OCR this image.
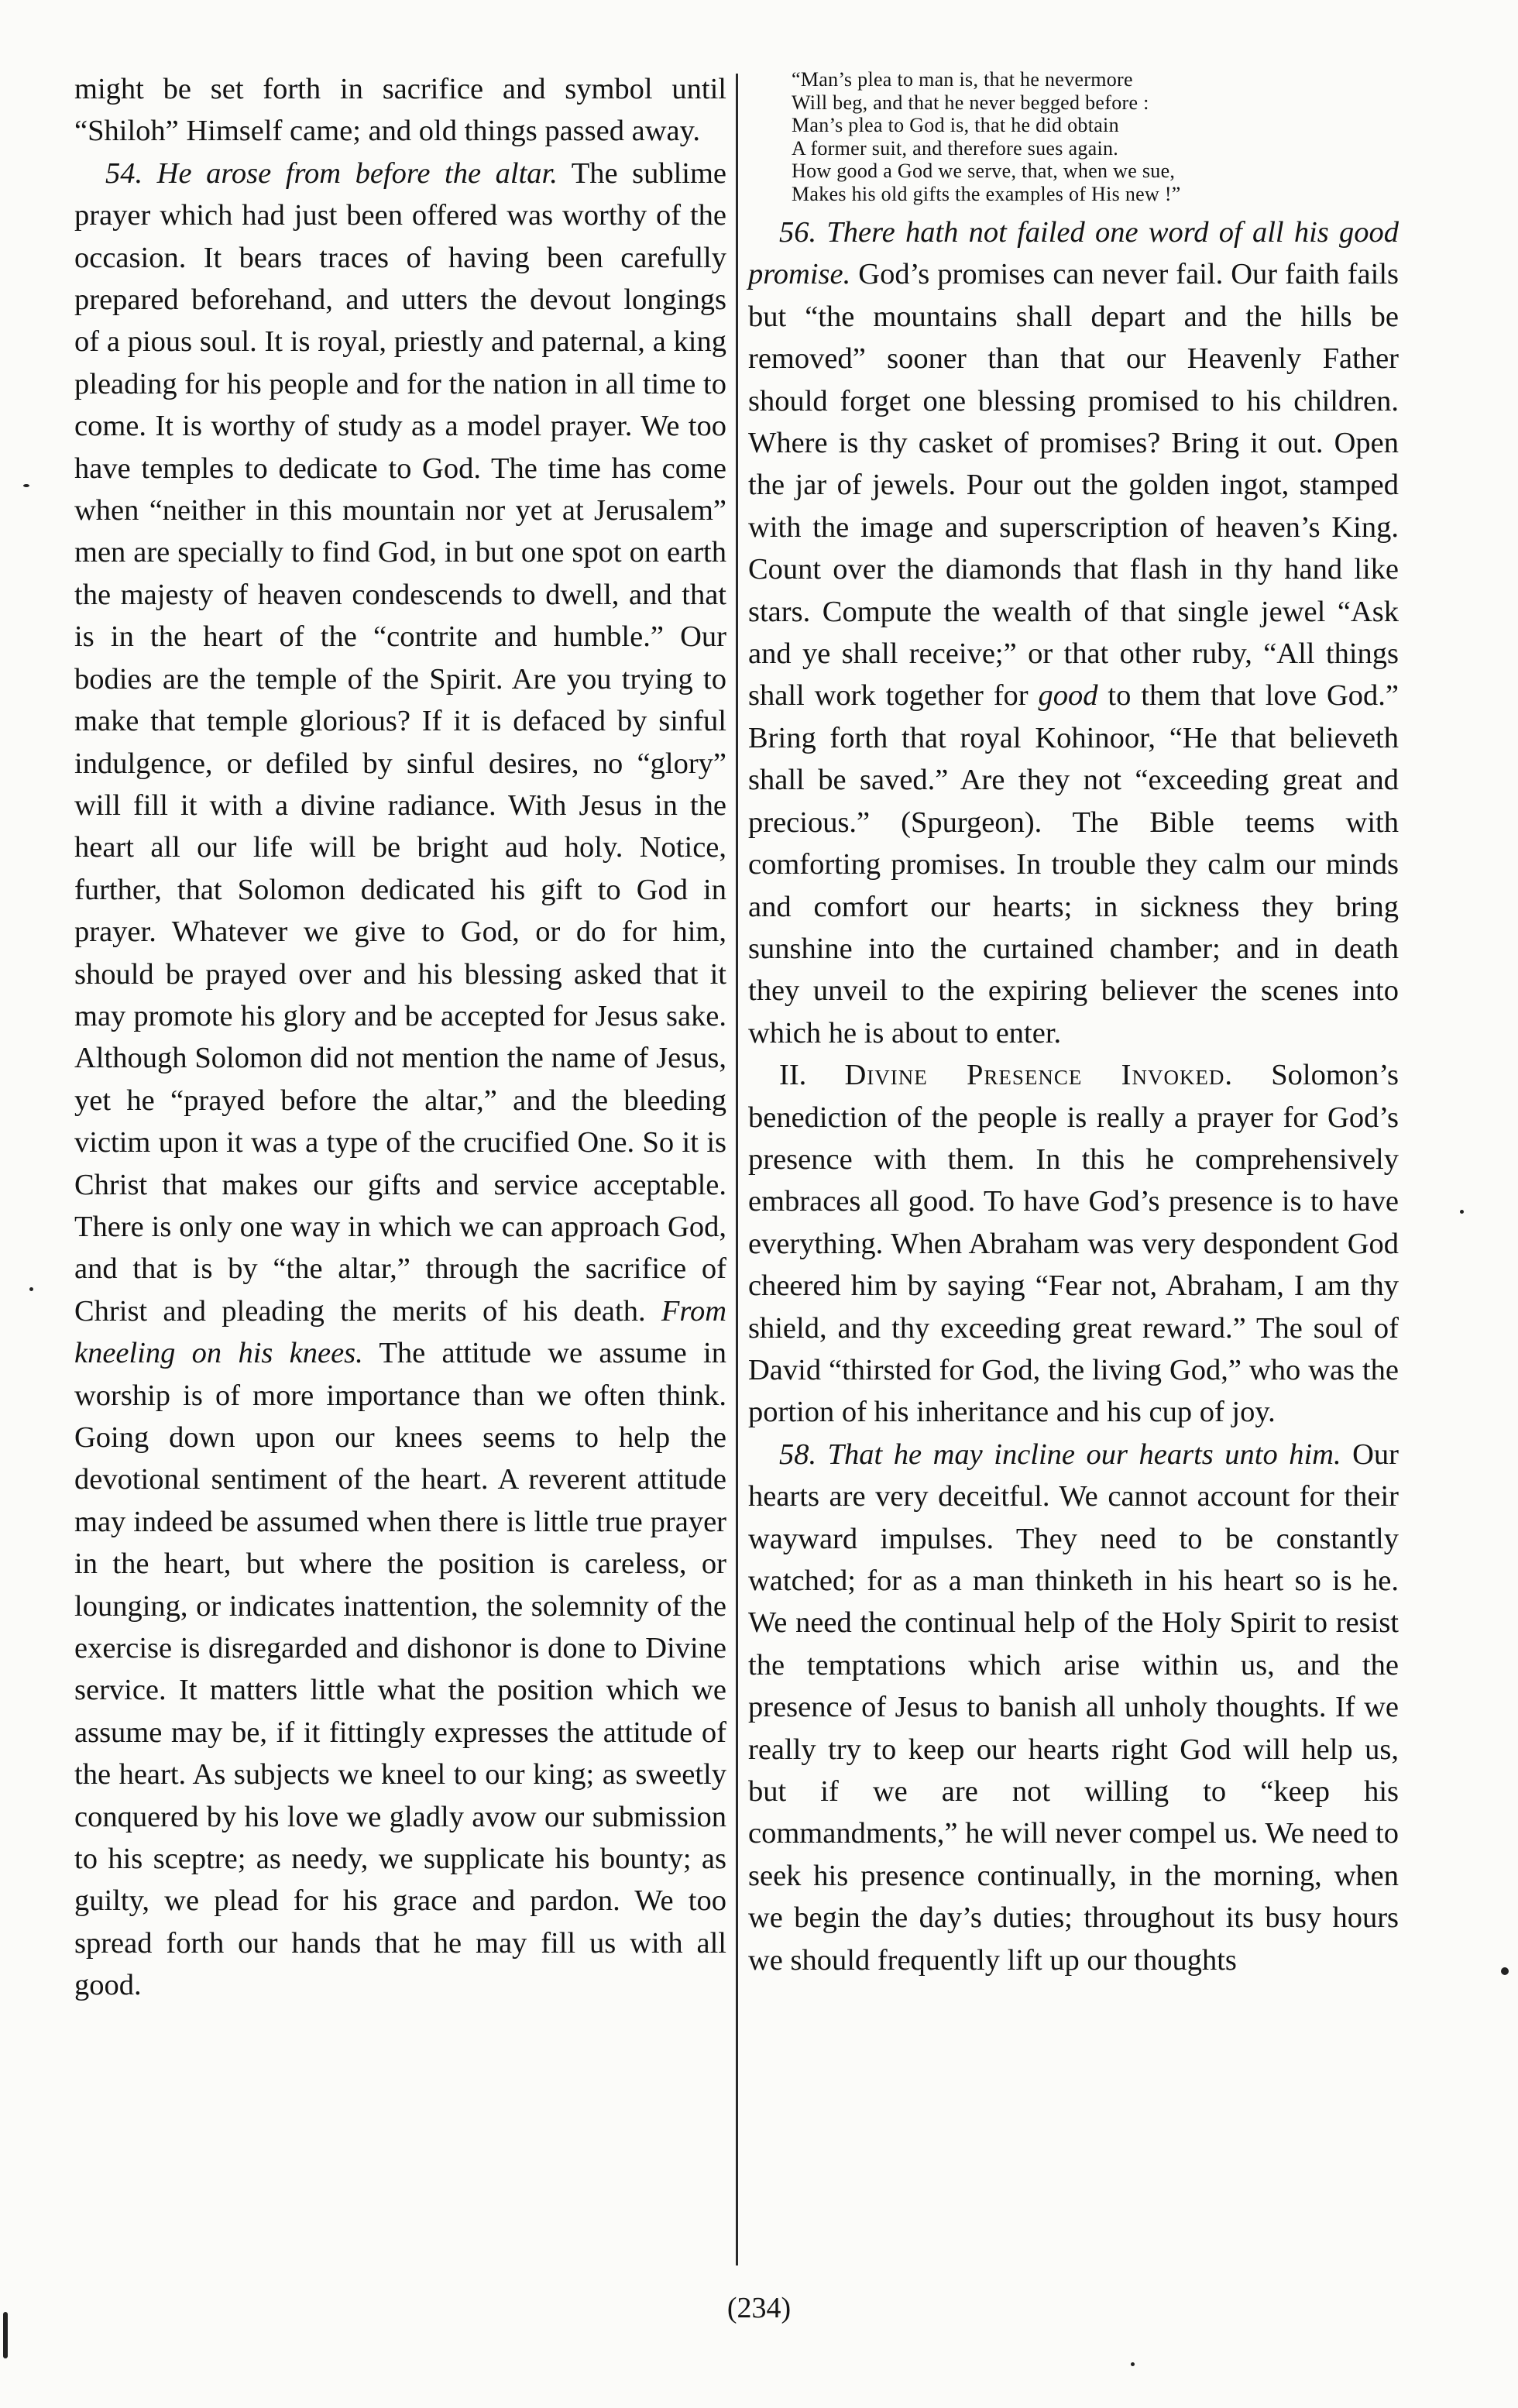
might be set forth in sacrifice and symbol until “Shiloh” Himself came; and old things passed away.

54. He arose from before the altar. The sublime prayer which had just been offered was worthy of the occasion. It bears traces of having been carefully prepared beforehand, and utters the devout longings of a pious soul. It is royal, priestly and paternal, a king pleading for his people and for the nation in all time to come. It is worthy of study as a model prayer. We too have temples to dedicate to God. The time has come when “neither in this mountain nor yet at Jerusalem” men are specially to find God, in but one spot on earth the majesty of heaven condescends to dwell, and that is in the heart of the “contrite and humble.” Our bodies are the temple of the Spirit. Are you trying to make that temple glorious? If it is defaced by sinful indulgence, or defiled by sinful desires, no “glory” will fill it with a divine radiance. With Jesus in the heart all our life will be bright aud holy. Notice, further, that Solomon dedicated his gift to God in prayer. Whatever we give to God, or do for him, should be prayed over and his blessing asked that it may promote his glory and be accepted for Jesus sake. Although Solomon did not mention the name of Jesus, yet he “prayed before the altar,” and the bleeding victim upon it was a type of the crucified One. So it is Christ that makes our gifts and service acceptable. There is only one way in which we can approach God, and that is by “the altar,” through the sacrifice of Christ and pleading the merits of his death. From kneeling on his knees. The attitude we assume in worship is of more importance than we often think. Going down upon our knees seems to help the devotional sentiment of the heart. A reverent attitude may indeed be assumed when there is little true prayer in the heart, but where the position is careless, or lounging, or indicates inattention, the solemnity of the exercise is disregarded and dishonor is done to Divine service. It matters little what the position which we assume may be, if it fittingly expresses the attitude of the heart. As subjects we kneel to our king; as sweetly conquered by his love we gladly avow our submission to his sceptre; as needy, we supplicate his bounty; as guilty, we plead for his grace and pardon. We too spread forth our hands that he may fill us with all good.

“Man’s plea to man is, that he nevermore
Will beg, and that he never begged before :
Man’s plea to God is, that he did obtain
A former suit, and therefore sues again.
How good a God we serve, that, when we sue,
Makes his old gifts the examples of His new !”

56. There hath not failed one word of all his good promise. God’s promises can never fail. Our faith fails but “the mountains shall depart and the hills be removed” sooner than that our Heavenly Father should forget one blessing promised to his children. Where is thy casket of promises? Bring it out. Open the jar of jewels. Pour out the golden ingot, stamped with the image and superscription of heaven’s King. Count over the diamonds that flash in thy hand like stars. Compute the wealth of that single jewel “Ask and ye shall receive;” or that other ruby, “All things shall work together for good to them that love God.” Bring forth that royal Kohinoor, “He that believeth shall be saved.” Are they not “exceeding great and precious.” (Spurgeon). The Bible teems with comforting promises. In trouble they calm our minds and comfort our hearts; in sickness they bring sunshine into the curtained chamber; and in death they unveil to the expiring believer the scenes into which he is about to enter.

II. Divine Presence Invoked. Solomon’s benediction of the people is really a prayer for God’s presence with them. In this he comprehensively embraces all good. To have God’s presence is to have everything. When Abraham was very despondent God cheered him by saying “Fear not, Abraham, I am thy shield, and thy exceeding great reward.” The soul of David “thirsted for God, the living God,” who was the portion of his inheritance and his cup of joy.

58. That he may incline our hearts unto him. Our hearts are very deceitful. We cannot account for their wayward impulses. They need to be constantly watched; for as a man thinketh in his heart so is he. We need the continual help of the Holy Spirit to resist the temptations which arise within us, and the presence of Jesus to banish all unholy thoughts. If we really try to keep our hearts right God will help us, but if we are not willing to “keep his commandments,” he will never compel us. We need to seek his presence continually, in the morning, when we begin the day’s duties; throughout its busy hours we should frequently lift up our thoughts

(234)
